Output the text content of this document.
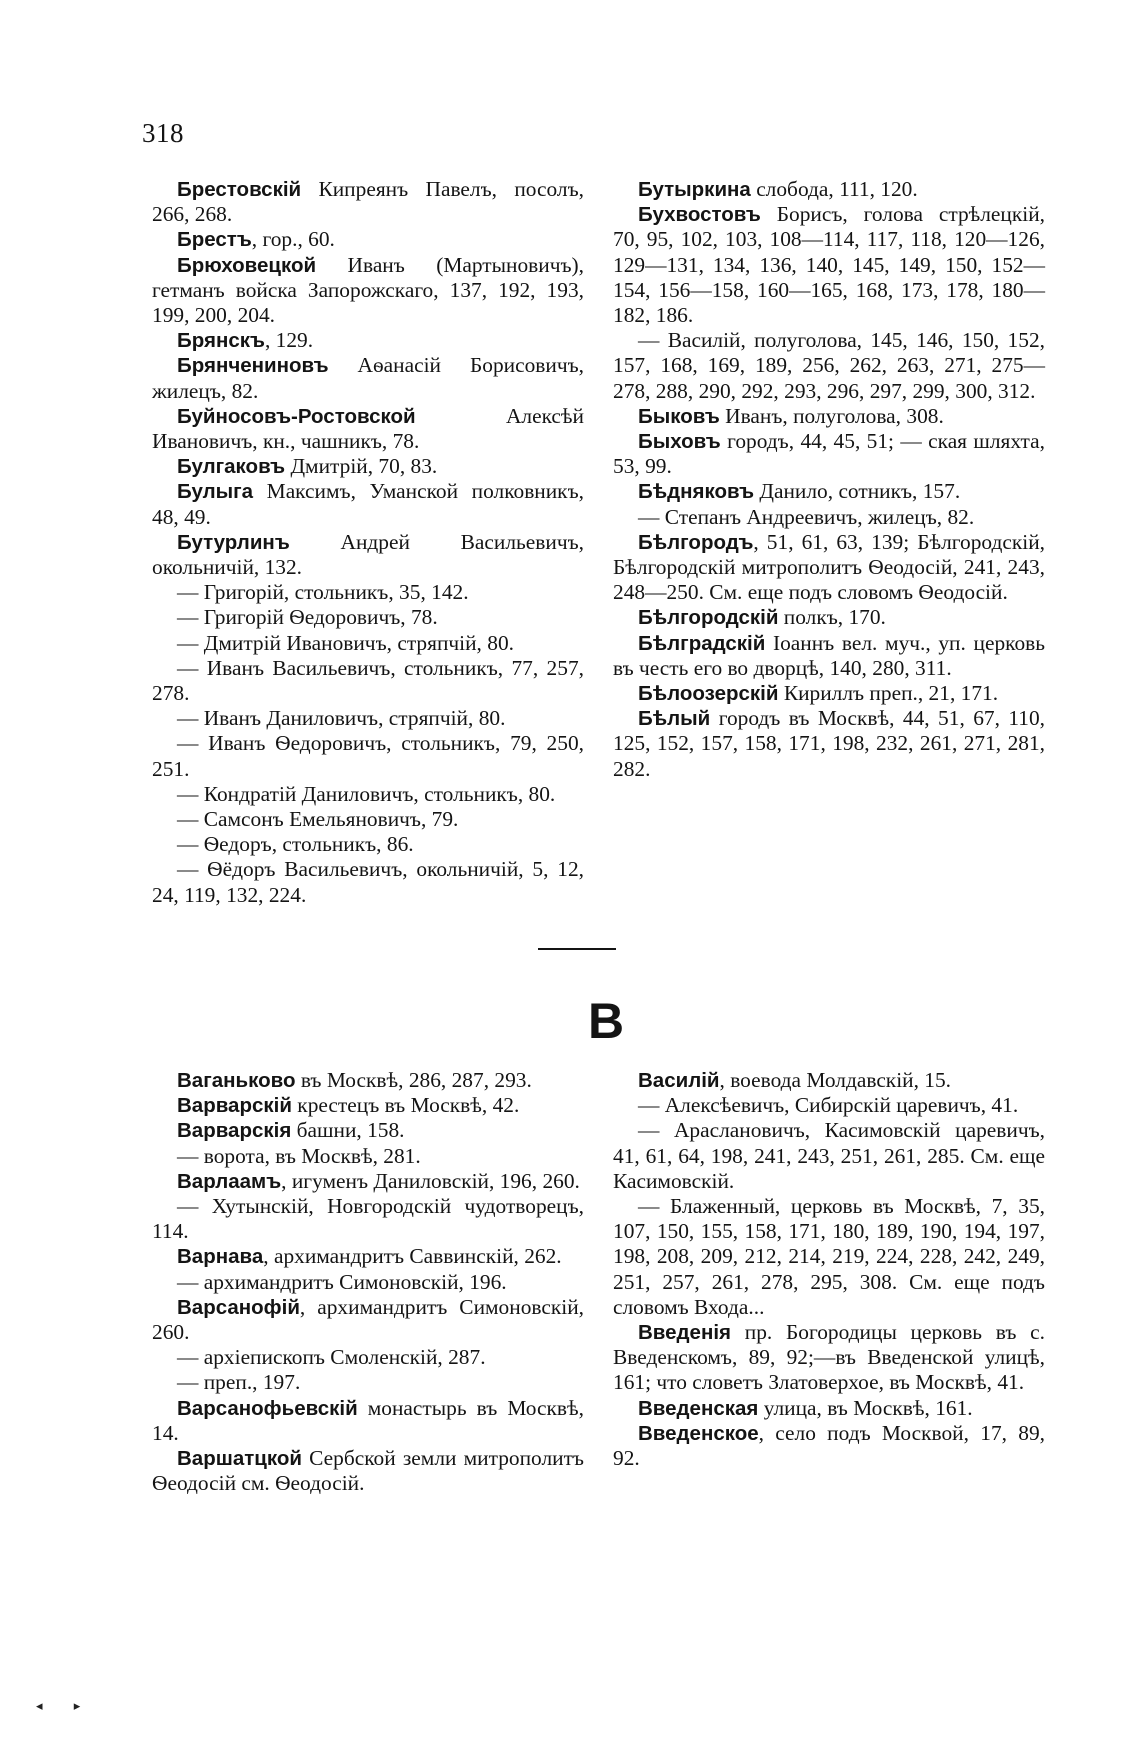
318

Брестовскій Кипреянъ Павелъ, посолъ, 266, 268.

Брестъ, гор., 60.

Брюховецкой Иванъ (Мартыновичъ), гетманъ войска Запорожскаго, 137, 192, 193, 199, 200, 204.

Брянскъ, 129.

Брянчениновъ Аѳанасій Борисовичъ, жилецъ, 82.

Буйносовъ-Ростовской Алексѣй Ивановичъ, кн., чашникъ, 78.

Булгаковъ Дмитрій, 70, 83.

Булыга Максимъ, Уманской полковникъ, 48, 49.

Бутурлинъ Андрей Васильевичъ, окольничій, 132.

— Григорій, стольникъ, 35, 142.

— Григорій Ѳедоровичъ, 78.

— Дмитрій Ивановичъ, стряпчій, 80.

— Иванъ Васильевичъ, стольникъ, 77, 257, 278.

— Иванъ Даниловичъ, стряпчій, 80.

— Иванъ Ѳедоровичъ, стольникъ, 79, 250, 251.

— Кондратій Даниловичъ, стольникъ, 80.

— Самсонъ Емельяновичъ, 79.

— Ѳедоръ, стольникъ, 86.

— Ѳёдоръ Васильевичъ, окольничій, 5, 12, 24, 119, 132, 224.

Бутыркина слобода, 111, 120.

Бухвостовъ Борисъ, голова стрѣлецкій, 70, 95, 102, 103, 108—114, 117, 118, 120—126, 129—131, 134, 136, 140, 145, 149, 150, 152—154, 156—158, 160—165, 168, 173, 178, 180—182, 186.

— Василій, полуголова, 145, 146, 150, 152, 157, 168, 169, 189, 256, 262, 263, 271, 275—278, 288, 290, 292, 293, 296, 297, 299, 300, 312.

Быковъ Иванъ, полуголова, 308.

Быховъ городъ, 44, 45, 51; — ская шляхта, 53, 99.

Бѣдняковъ Данило, сотникъ, 157.

— Степанъ Андреевичъ, жилецъ, 82.

Бѣлгородъ, 51, 61, 63, 139; Бѣлгородскій, Бѣлгородскій митрополитъ Ѳеодосій, 241, 243, 248—250. См. еще подъ словомъ Ѳеодосій.

Бѣлгородскій полкъ, 170.

Бѣлградскій Іоаннъ вел. муч., уп. церковь въ честь его во дворцѣ, 140, 280, 311.

Бѣлоозерскій Кириллъ преп., 21, 171.

Бѣлый городъ въ Москвѣ, 44, 51, 67, 110, 125, 152, 157, 158, 171, 198, 232, 261, 271, 281, 282.

В

Ваганьково въ Москвѣ, 286, 287, 293.

Варварскій крестецъ въ Москвѣ, 42.

Варварскія башни, 158.

— ворота, въ Москвѣ, 281.

Варлаамъ, игуменъ Даниловскій, 196, 260.

— Хутынскій, Новгородскій чудотворецъ, 114.

Варнава, архимандритъ Саввинскій, 262.

— архимандритъ Симоновскій, 196.

Варсанофій, архимандритъ Симоновскій, 260.

— архіепископъ Смоленскій, 287.

— преп., 197.

Варсанофьевскій монастырь въ Москвѣ, 14.

Варшатцкой Сербской земли митрополитъ Ѳеодосій см. Ѳеодосій.

Василій, воевода Молдавскій, 15.

— Алексѣевичъ, Сибирскій царевичъ, 41.

— Араслановичъ, Касимовскій царевичъ, 41, 61, 64, 198, 241, 243, 251, 261, 285. См. еще Касимовскій.

— Блаженный, церковь въ Москвѣ, 7, 35, 107, 150, 155, 158, 171, 180, 189, 190, 194, 197, 198, 208, 209, 212, 214, 219, 224, 228, 242, 249, 251, 257, 261, 278, 295, 308. См. еще подъ словомъ Входа...

Введенія пр. Богородицы церковь въ с. Введенскомъ, 89, 92;—въ Введенской улицѣ, 161; что словетъ Златоверхое, въ Москвѣ, 41.

Введенская улица, въ Москвѣ, 161.

Введенское, село подъ Москвой, 17, 89, 92.

◂ ▸
